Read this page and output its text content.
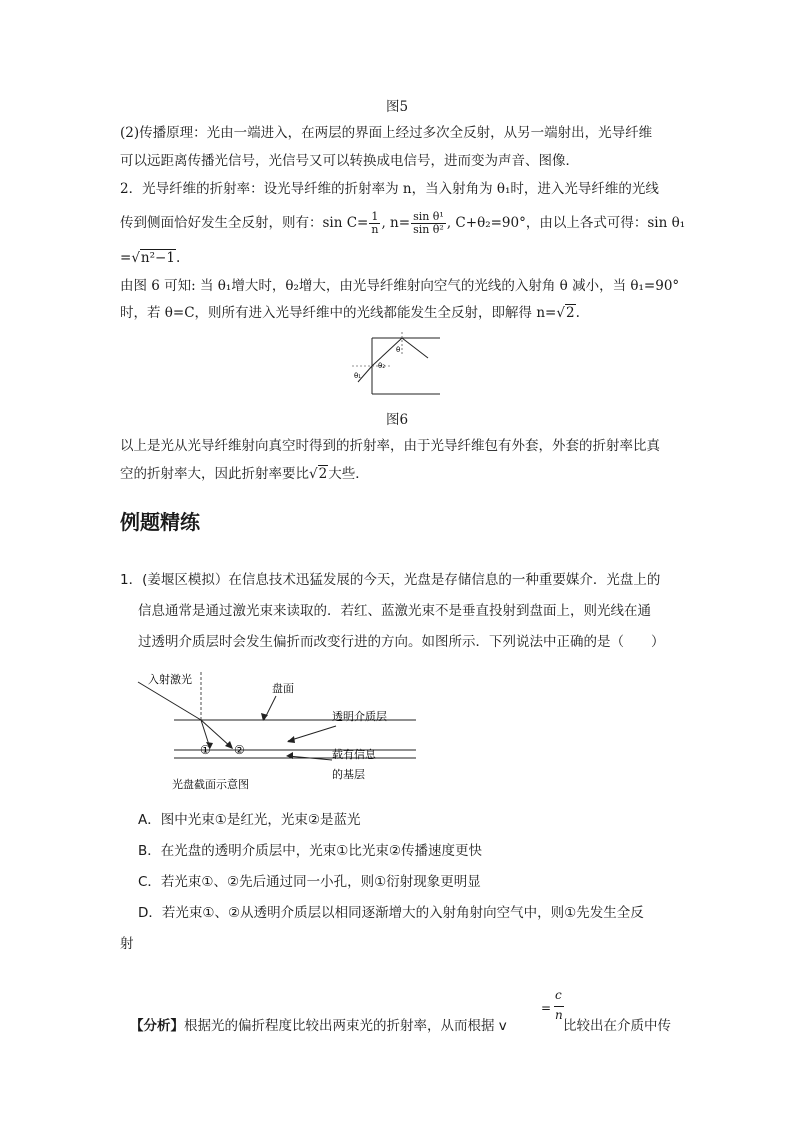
图5
(2)传播原理：光由一端进入，在两层的界面上经过多次全反射，从另一端射出，光导纤维
可以远距离传播光信号，光信号又可以转换成电信号，进而变为声音、图像．
2．光导纤维的折射率：设光导纤维的折射率为 n，当入射角为 θ₁时，进入光导纤维的光线
传到侧面恰好发生全反射，则有：$\sin C= \frac{1}{n}$ , $n= \frac{\text{sin θ¹}}{\text{sin θ²}}$ , C+θ₂=90°，由以上各式可得：sin θ₁
=√n²−1.
由图 6 可知: 当 θ₁增大时，θ₂增大，由光导纤维射向空气的光线的入射角 θ 减小，当 θ₁=90°
时，若 θ=C，则所有进入光导纤维中的光线都能发生全反射，即解得 n=√2.
θ₁
θ₂
θ
图6
以上是光从光导纤维射向真空时得到的折射率，由于光导纤维包有外套，外套的折射率比真
空的折射率大，因此折射率要比√2大些．
例题精练
1．(姜堰区模拟）在信息技术迅猛发展的今天，光盘是存储信息的一种重要媒介．光盘上的
信息通常是通过激光束来读取的．若红、蓝激光束不是垂直投射到盘面上，则光线在通
过透明介质层时会发生偏折而改变行进的方向。如图所示．下列说法中正确的是（　　）
入射激光
① ②
盘面
透明介质层
载有信息
的基层
光盘截面示意图
A．图中光束①是红光，光束②是蓝光
B．在光盘的透明介质层中，光束①比光束②传播速度更快
C．若光束①、②先后通过同一小孔，则①衍射现象更明显
D．若光束①、②从透明介质层以相同逐渐增大的入射角射向空气中，则①先发生全反
射
【分析】根据光的偏折程度比较出两束光的折射率，从而根据 v
=
c
n
比较出在介质中传
